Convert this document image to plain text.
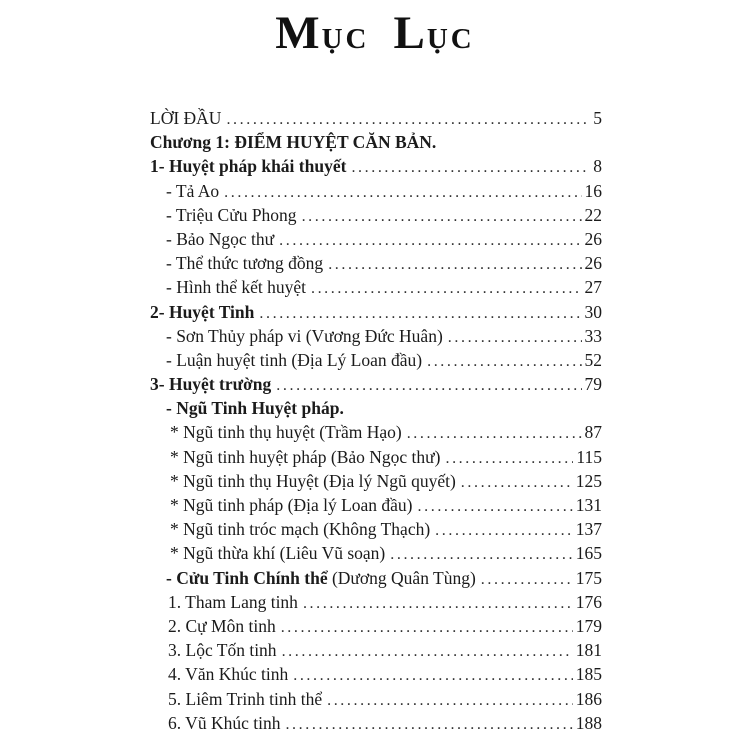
MỤC LỤC
LỜI ĐẦU .....	5
Chương 1: ĐIỂM HUYỆT CĂN BẢN.
1- Huyệt pháp khái thuyết .....	8
- Tả Ao .....	16
- Triệu Cửu Phong .....	22
- Bảo Ngọc thư .....	26
- Thể thức tương đồng .....	26
- Hình thể kết huyệt .....	27
2- Huyệt Tinh .....	30
- Sơn Thủy pháp vi (Vương Đức Huân) .....	33
- Luận huyệt tinh (Địa Lý Loan đầu) .....	52
3- Huyệt trường .....	79
- Ngũ Tinh Huyệt pháp.
* Ngũ tinh thụ huyệt (Trầm Hạo) .....	87
* Ngũ tinh huyệt pháp (Bảo Ngọc thư) .....	115
* Ngũ tinh thụ Huyệt (Địa lý Ngũ quyết) .....	125
* Ngũ tinh pháp (Địa lý Loan đầu) .....	131
* Ngũ tinh tróc mạch (Không Thạch) .....	137
* Ngũ thừa khí (Liêu Vũ soạn) .....	165
- Cửu Tinh Chính thể (Dương Quân Tùng) .....	175
1. Tham Lang tinh .....	176
2. Cự Môn tinh .....	179
3. Lộc Tốn tinh .....	181
4. Văn Khúc tinh .....	185
5. Liêm Trinh tinh thể .....	186
6. Vũ Khúc tinh .....	188
